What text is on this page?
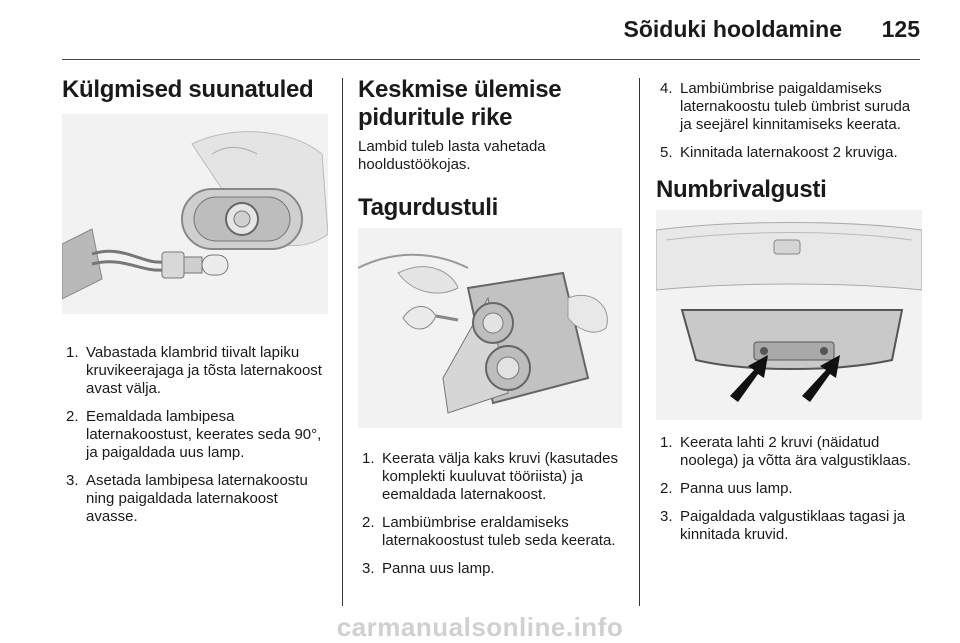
Sõiduki hooldamine 125
Külgmised suunatuled
1. Vabastada klambrid tiivalt lapiku kruvikeerajaga ja tõsta laternakoost avast välja.
2. Eemaldada lambipesa laternakoostust, keerates seda 90°, ja paigaldada uus lamp.
3. Asetada lambipesa laternakoostu ning paigaldada laternakoost avasse.
Keskmise ülemise piduritule rike

Lambid tuleb lasta vahetada hooldustöökojas.

Tagurdustuli
1. Keerata välja kaks kruvi (kasutades komplekti kuuluvat tööriista) ja eemaldada laternakoost.
2. Lambiümbrise eraldamiseks laternakoostust tuleb seda keerata.
3. Panna uus lamp.
4. Lambiümbrise paigaldamiseks laternakoostu tuleb ümbrist suruda ja seejärel kinnitamiseks keerata.
5. Kinnitada laternakoost 2 kruviga.
Numbrivalgusti
1. Keerata lahti 2 kruvi (näidatud noolega) ja võtta ära valgustiklaas.
2. Panna uus lamp.
3. Paigaldada valgustiklaas tagasi ja kinnitada kruvid.
carmanualsonline.info
